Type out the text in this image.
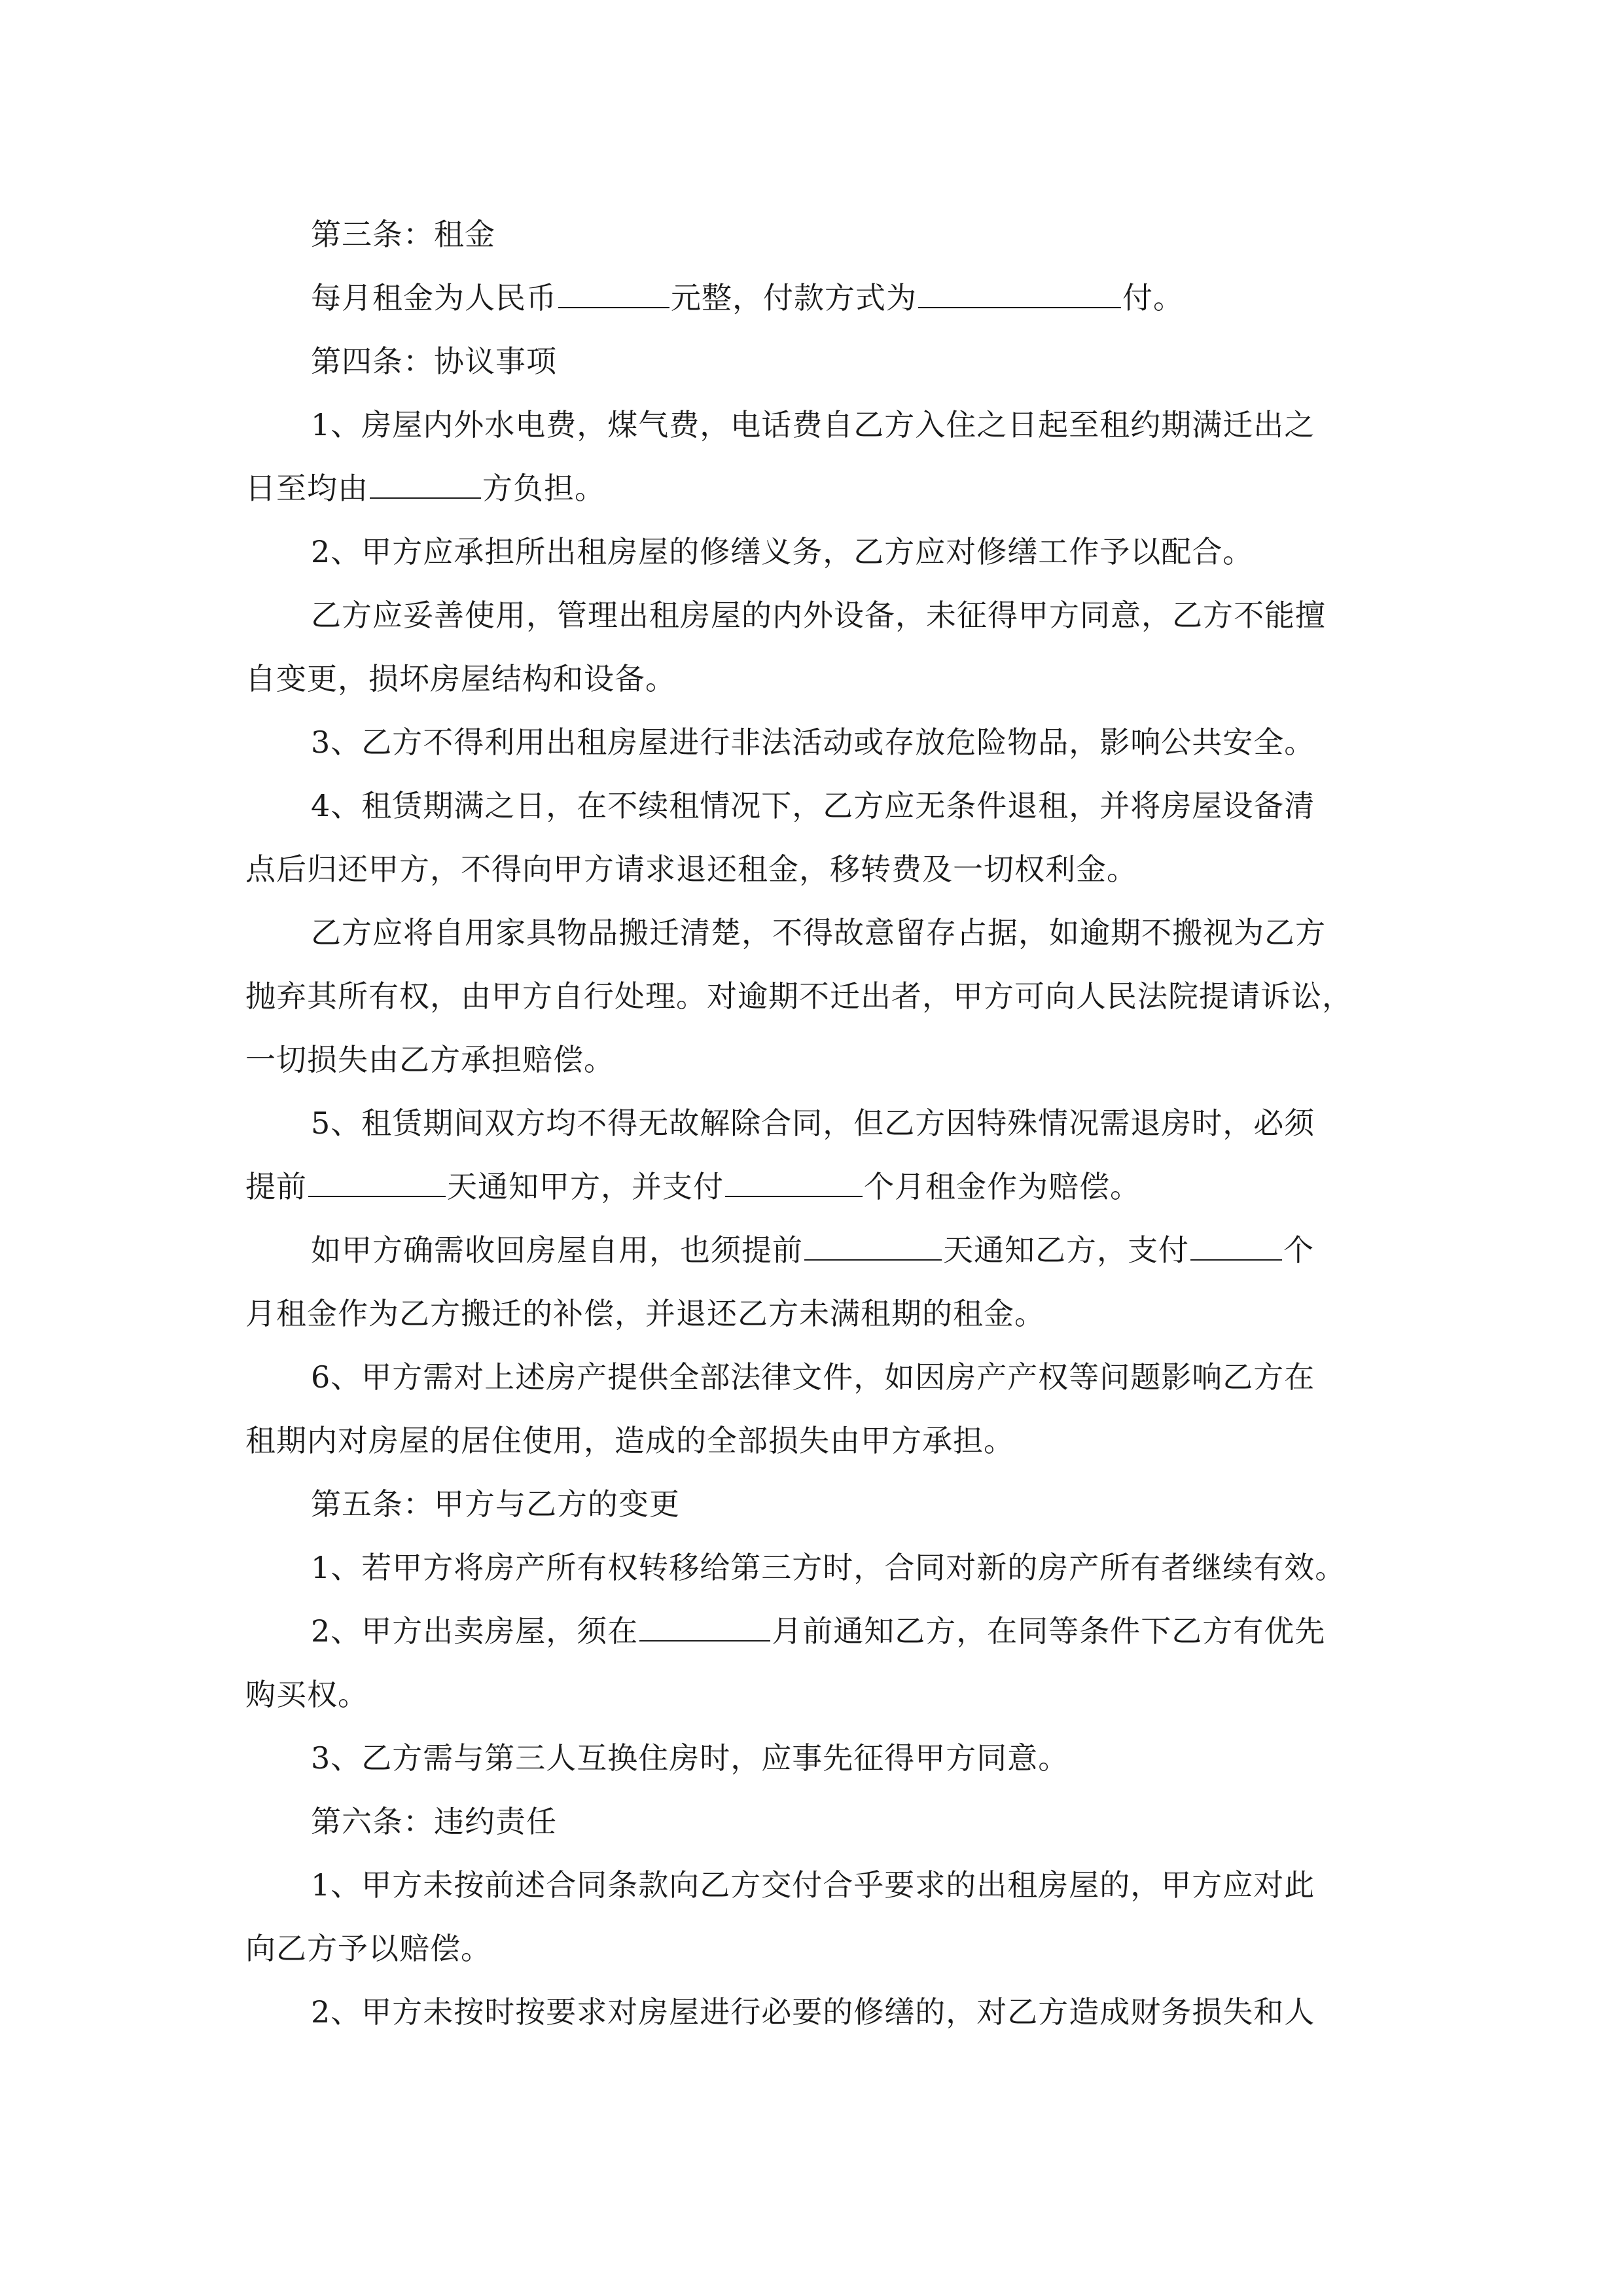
第三条：租金
每月租金为人民币	元整，付款方式为	付。
第四条：协议事项
1、房屋内外水电费，煤气费，电话费自乙方入住之日起至租约期满迁出之
日至均由	方负担。
2、甲方应承担所出租房屋的修缮义务，乙方应对修缮工作予以配合。
乙方应妥善使用，管理出租房屋的内外设备，未征得甲方同意，乙方不能擅
自变更，损坏房屋结构和设备。
3、乙方不得利用出租房屋进行非法活动或存放危险物品，影响公共安全。
4、租赁期满之日，在不续租情况下，乙方应无条件退租，并将房屋设备清
点后归还甲方，不得向甲方请求退还租金，移转费及一切权利金。
乙方应将自用家具物品搬迁清楚，不得故意留存占据，如逾期不搬视为乙方
抛弃其所有权，由甲方自行处理。对逾期不迁出者，甲方可向人民法院提请诉讼，
一切损失由乙方承担赔偿。
5、租赁期间双方均不得无故解除合同，但乙方因特殊情况需退房时，必须
提前	天通知甲方，并支付	个月租金作为赔偿。
如甲方确需收回房屋自用，也须提前	天通知乙方，支付	个
月租金作为乙方搬迁的补偿，并退还乙方未满租期的租金。
6、甲方需对上述房产提供全部法律文件，如因房产产权等问题影响乙方在
租期内对房屋的居住使用，造成的全部损失由甲方承担。
第五条：甲方与乙方的变更
1、若甲方将房产所有权转移给第三方时，合同对新的房产所有者继续有效。
2、甲方出卖房屋，须在	月前通知乙方，在同等条件下乙方有优先
购买权。
3、乙方需与第三人互换住房时，应事先征得甲方同意。
第六条：违约责任
1、甲方未按前述合同条款向乙方交付合乎要求的出租房屋的，甲方应对此
向乙方予以赔偿。
2、甲方未按时按要求对房屋进行必要的修缮的，对乙方造成财务损失和人
